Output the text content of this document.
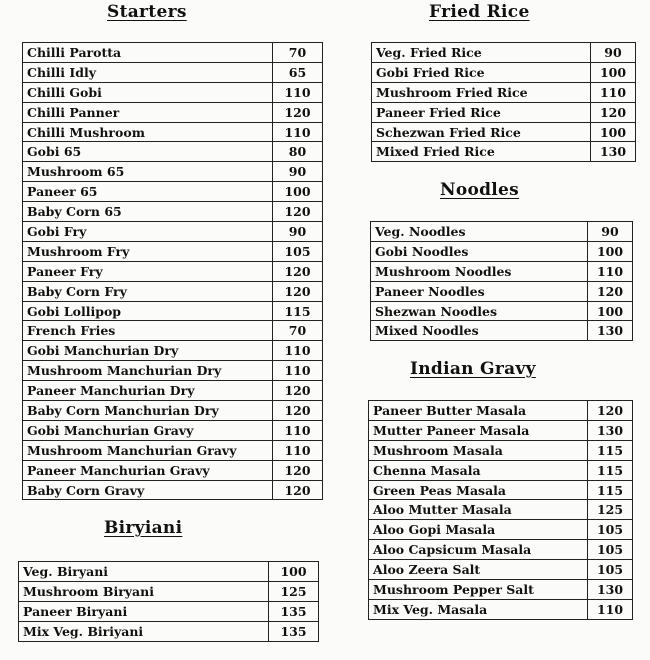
Starters
Chilli Parotta	70
Chilli Idly	65
Chilli Gobi	110
Chilli Panner	120
Chilli Mushroom	110
Gobi 65	80
Mushroom 65	90
Paneer 65	100
Baby Corn 65	120
Gobi Fry	90
Mushroom Fry	105
Paneer Fry	120
Baby Corn Fry	120
Gobi Lollipop	115
French Fries	70
Gobi Manchurian Dry	110
Mushroom Manchurian Dry	110
Paneer Manchurian Dry	120
Baby Corn Manchurian Dry	120
Gobi Manchurian Gravy	110
Mushroom Manchurian Gravy	110
Paneer Manchurian Gravy	120
Baby Corn Gravy	120
Biryiani
Veg. Biryani	100
Mushroom Biryani	125
Paneer Biryani	135
Mix Veg. Biriyani	135
Fried Rice
Veg. Fried Rice	90
Gobi Fried Rice	100
Mushroom Fried Rice	110
Paneer Fried Rice	120
Schezwan Fried Rice	100
Mixed Fried Rice	130
Noodles
Veg. Noodles	90
Gobi Noodles	100
Mushroom Noodles	110
Paneer Noodles	120
Shezwan Noodles	100
Mixed Noodles	130
Indian Gravy
Paneer Butter Masala	120
Mutter Paneer Masala	130
Mushroom Masala	115
Chenna Masala	115
Green Peas Masala	115
Aloo Mutter Masala	125
Aloo Gopi Masala	105
Aloo Capsicum Masala	105
Aloo Zeera Salt	105
Mushroom Pepper Salt	130
Mix Veg. Masala	110
